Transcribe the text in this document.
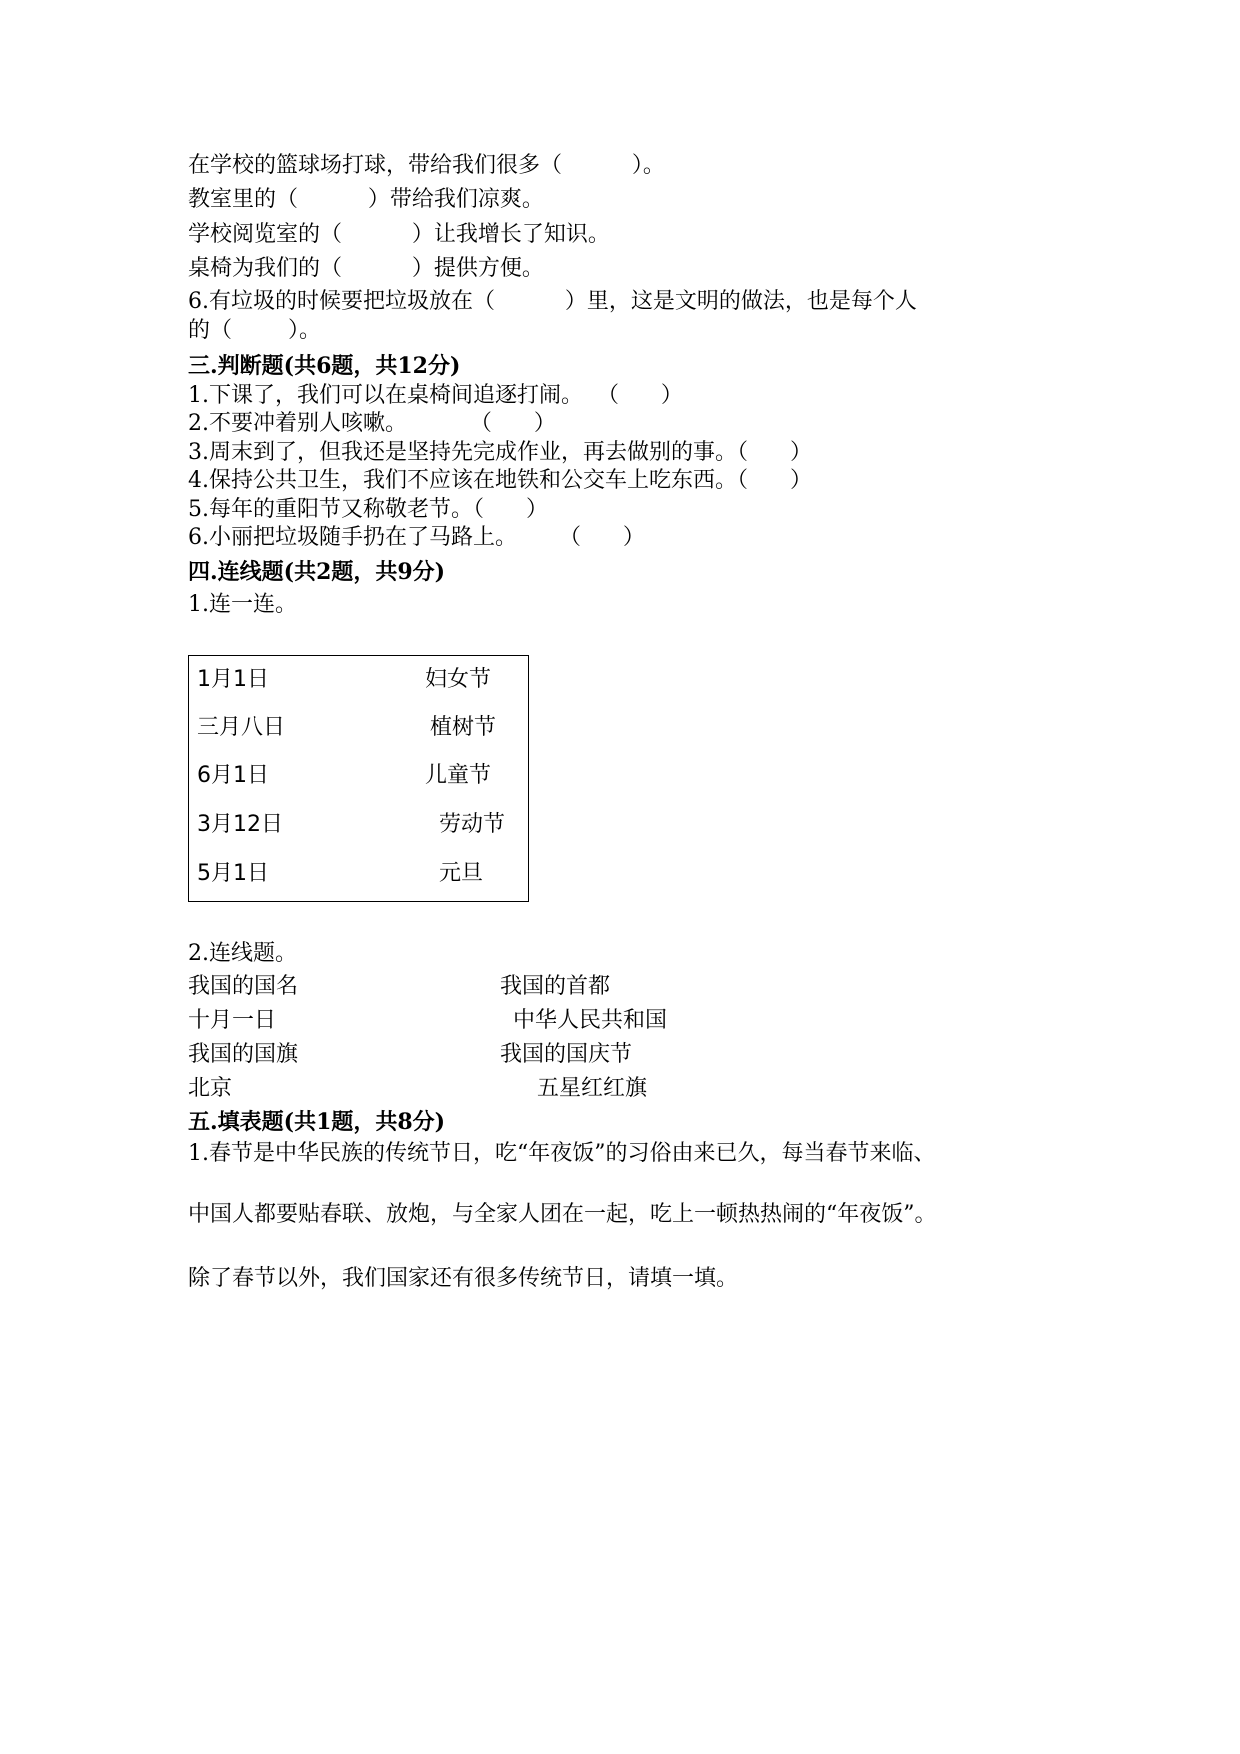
在学校的篮球场打球，带给我们很多（          ）。
教室里的（          ）带给我们凉爽。
学校阅览室的（          ）让我增长了知识。
桌椅为我们的（          ）提供方便。
6.有垃圾的时候要把垃圾放在（          ）里，这是文明的做法，也是每个人
的（        ）。
三.判断题(共6题，共12分)
1.下课了，我们可以在桌椅间追逐打闹。  （      ）
2.不要冲着别人咳嗽。         （      ）
3.周末到了，但我还是坚持先完成作业，再去做别的事。（      ）
4.保持公共卫生，我们不应该在地铁和公交车上吃东西。（      ）
5.每年的重阳节又称敬老节。（      ）
6.小丽把垃圾随手扔在了马路上。      （      ）
四.连线题(共2题，共9分)
1.连一连。
1月1日
三月八日
6月1日
3月12日
5月1日
妇女节
植树节
儿童节
劳动节
元旦
2.连线题。
我国的国名
十月一日
我国的国旗
北京
我国的首都
中华人民共和国
我国的国庆节
五星红红旗
五.填表题(共1题，共8分)
1.春节是中华民族的传统节日，吃“年夜饭”的习俗由来已久，每当春节来临、
中国人都要贴春联、放炮，与全家人团在一起，吃上一顿热热闹的“年夜饭”。
除了春节以外，我们国家还有很多传统节日，请填一填。
